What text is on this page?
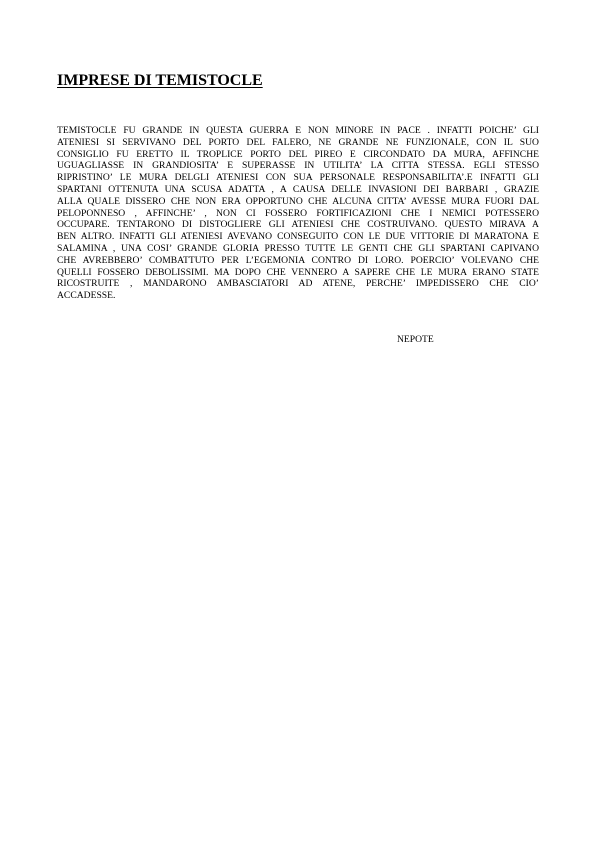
IMPRESE DI TEMISTOCLE
TEMISTOCLE FU GRANDE IN QUESTA GUERRA E NON MINORE IN PACE . INFATTI POICHE’ GLI
ATENIESI SI SERVIVANO DEL PORTO DEL FALERO, NE GRANDE NE FUNZIONALE, CON IL SUO
CONSIGLIO FU ERETTO IL TROPLICE PORTO DEL PIREO E CIRCONDATO DA MURA, AFFINCHE
UGUAGLIASSE IN GRANDIOSITA’ E SUPERASSE IN UTILITA’ LA CITTA STESSA. EGLI STESSO
RIPRISTINO’ LE MURA DELGLI ATENIESI CON SUA PERSONALE RESPONSABILITA’.E INFATTI GLI
SPARTANI OTTENUTA UNA SCUSA ADATTA , A CAUSA DELLE INVASIONI DEI BARBARI , GRAZIE
ALLA QUALE DISSERO CHE NON ERA OPPORTUNO CHE ALCUNA CITTA’ AVESSE MURA FUORI DAL
PELOPONNESO , AFFINCHE’ , NON CI FOSSERO FORTIFICAZIONI CHE I NEMICI POTESSERO
OCCUPARE. TENTARONO DI DISTOGLIERE GLI ATENIESI CHE COSTRUIVANO. QUESTO MIRAVA A
BEN ALTRO. INFATTI GLI ATENIESI AVEVANO CONSEGUITO CON LE DUE VITTORIE DI MARATONA E
SALAMINA , UNA COSI’ GRANDE GLORIA PRESSO TUTTE LE GENTI CHE GLI SPARTANI CAPIVANO
CHE AVREBBERO’ COMBATTUTO PER L’EGEMONIA CONTRO DI LORO. POERCIO’ VOLEVANO CHE
QUELLI FOSSERO DEBOLISSIMI. MA DOPO CHE VENNERO A SAPERE CHE LE MURA ERANO STATE
RICOSTRUITE , MANDARONO AMBASCIATORI AD ATENE, PERCHE’ IMPEDISSERO CHE CIO’
ACCADESSE.

NEPOTE
